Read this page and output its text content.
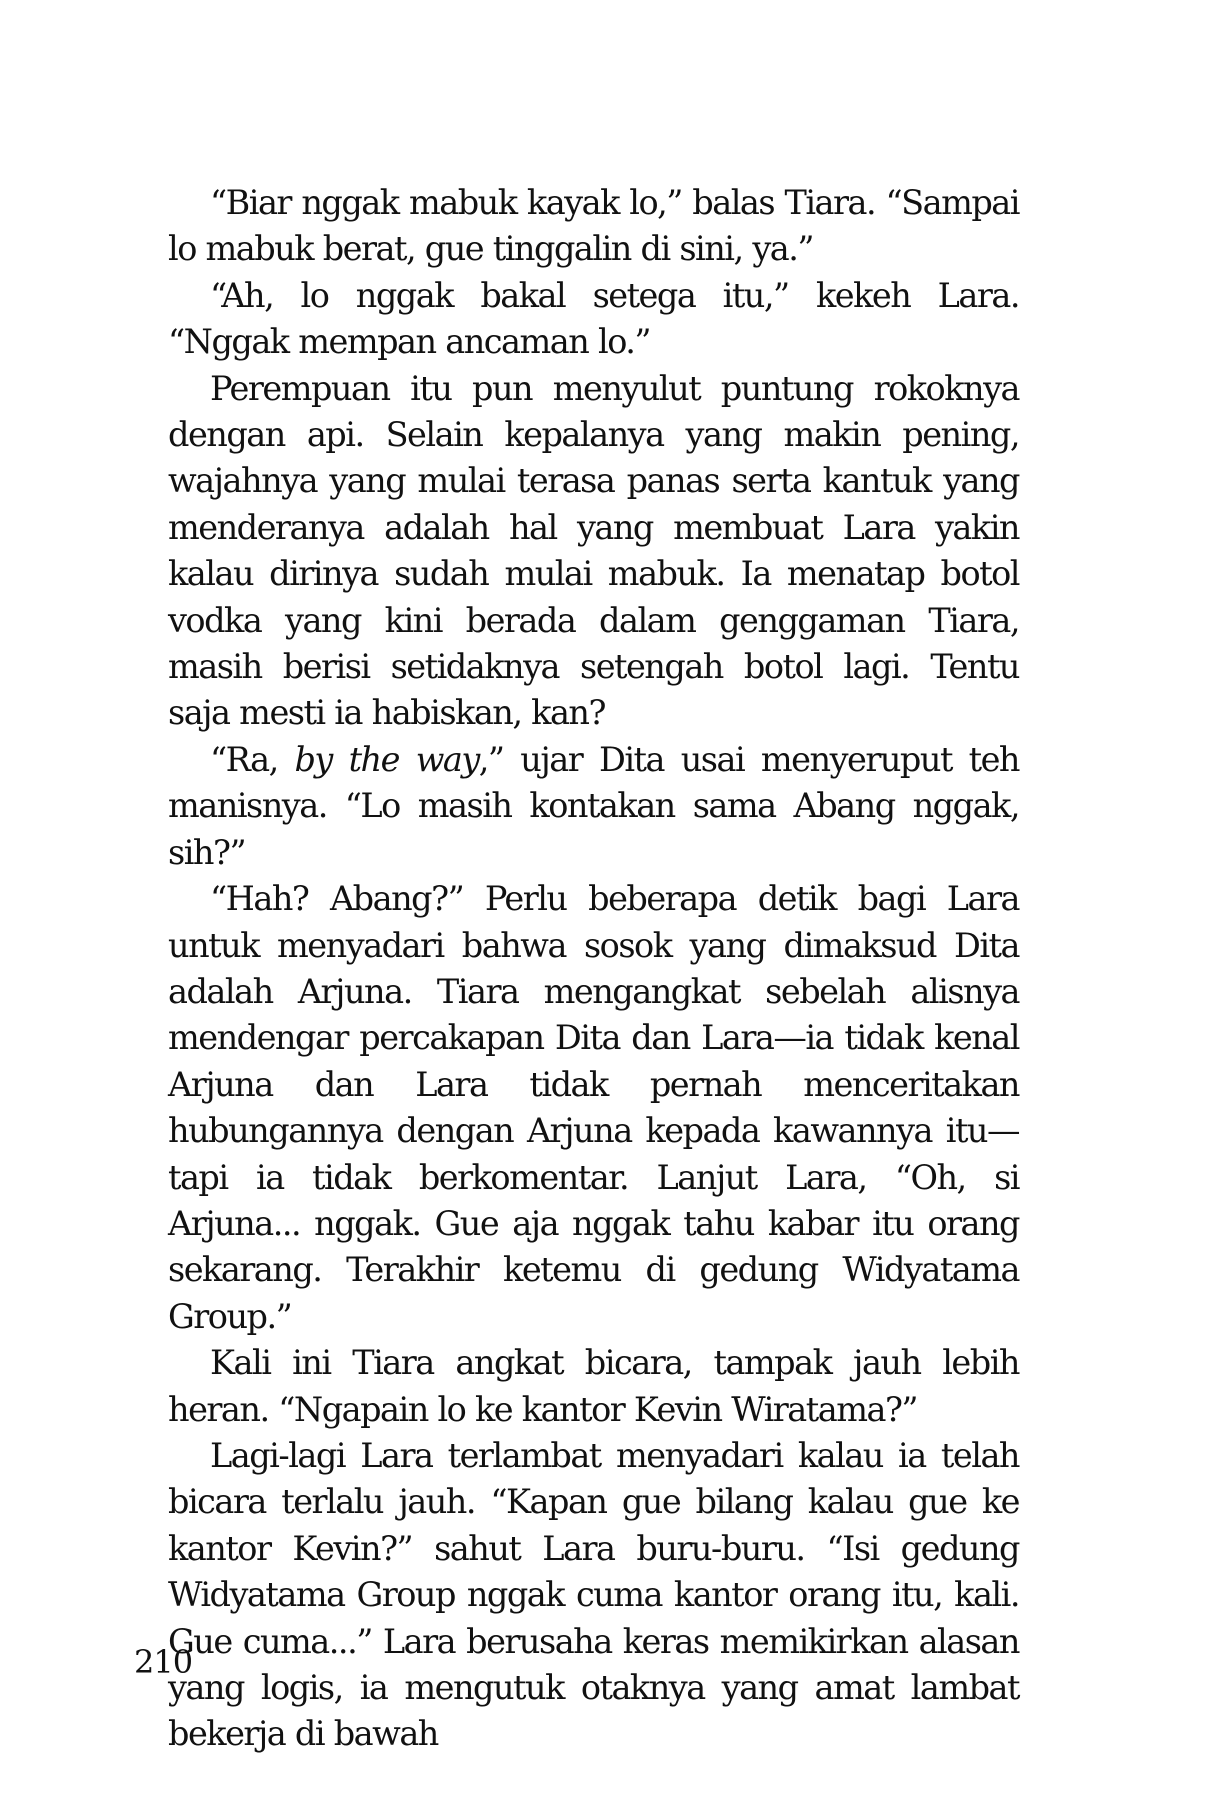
“Biar nggak mabuk kayak lo,” balas Tiara. “Sampai lo mabuk berat, gue tinggalin di sini, ya.”

“Ah, lo nggak bakal setega itu,” kekeh Lara. “Nggak mempan ancaman lo.”

Perempuan itu pun menyulut puntung rokoknya dengan api. Selain kepalanya yang makin pening, wajahnya yang mulai terasa panas serta kantuk yang menderanya adalah hal yang membuat Lara yakin kalau dirinya sudah mulai mabuk. Ia menatap botol vodka yang kini berada dalam genggaman Tiara, masih berisi setidaknya setengah botol lagi. Tentu saja mesti ia habiskan, kan?

“Ra, by the way,” ujar Dita usai menyeruput teh manisnya. “Lo masih kontakan sama Abang nggak, sih?”

“Hah? Abang?” Perlu beberapa detik bagi Lara untuk menyadari bahwa sosok yang dimaksud Dita adalah Arjuna. Tiara mengangkat sebelah alisnya mendengar percakapan Dita dan Lara—ia tidak kenal Arjuna dan Lara tidak pernah menceritakan hubungannya dengan Arjuna kepada kawannya itu—tapi ia tidak berkomentar. Lanjut Lara, “Oh, si Arjuna... nggak. Gue aja nggak tahu kabar itu orang sekarang. Terakhir ketemu di gedung Widyatama Group.”

Kali ini Tiara angkat bicara, tampak jauh lebih heran. “Ngapain lo ke kantor Kevin Wiratama?”

Lagi-lagi Lara terlambat menyadari kalau ia telah bicara terlalu jauh. “Kapan gue bilang kalau gue ke kantor Kevin?” sahut Lara buru-buru. “Isi gedung Widyatama Group nggak cuma kantor orang itu, kali. Gue cuma...” Lara berusaha keras memikirkan alasan yang logis, ia mengutuk otaknya yang amat lambat bekerja di bawah

210
